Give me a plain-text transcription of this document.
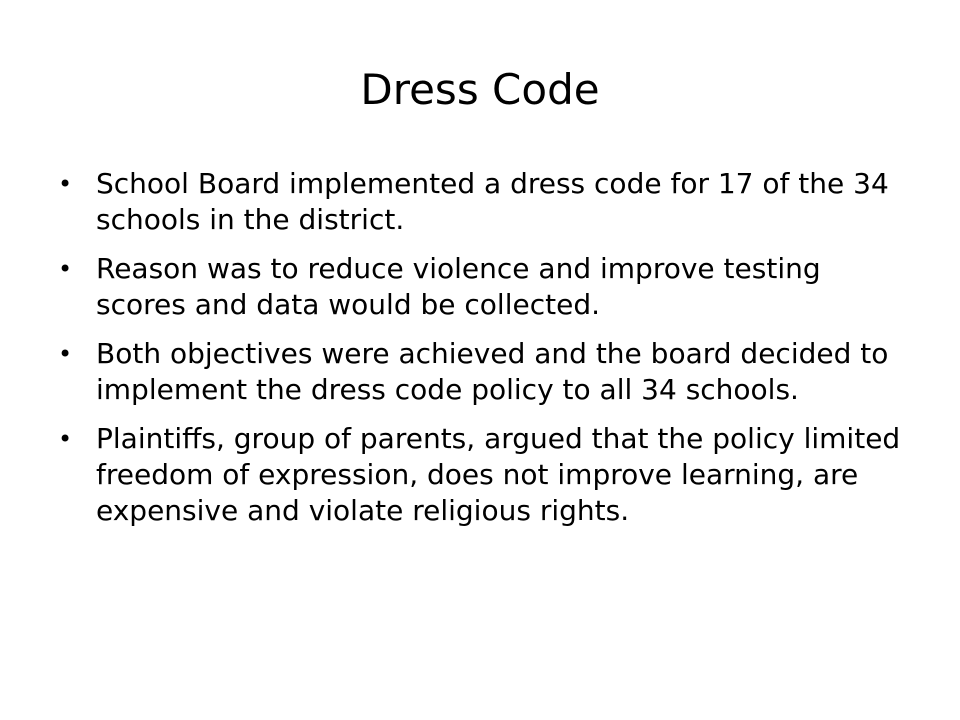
Dress Code
• School Board implemented a dress code for 17 of the 34 schools in the district.
• Reason was to reduce violence and improve testing scores and data would be collected.
• Both objectives were achieved and the board decided to implement the dress code policy to all 34 schools.
• Plaintiffs, group of parents, argued that the policy limited freedom of expression, does not improve learning, are expensive and violate religious rights.
